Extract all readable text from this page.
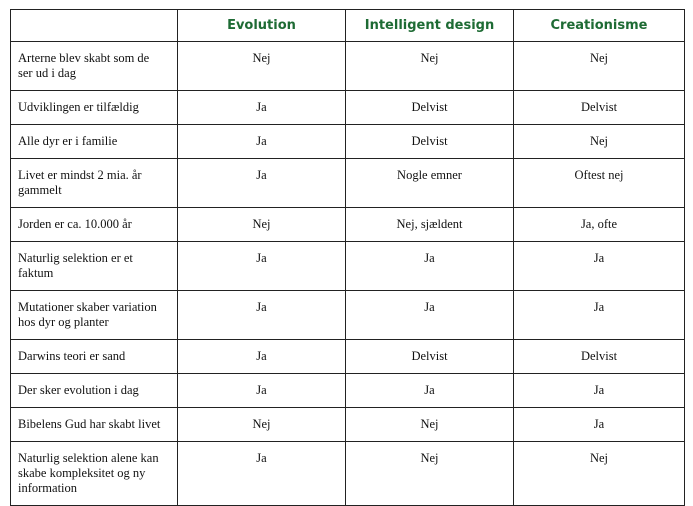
	Evolution	Intelligent design	Creationisme
Arterne blev skabt som de ser ud i dag	Nej	Nej	Nej
Udviklingen er tilfældig	Ja	Delvist	Delvist
Alle dyr er i familie	Ja	Delvist	Nej
Livet er mindst 2 mia. år gammelt	Ja	Nogle emner	Oftest nej
Jorden er ca. 10.000 år	Nej	Nej, sjældent	Ja, ofte
Naturlig selektion er et faktum	Ja	Ja	Ja
Mutationer skaber variation hos dyr og planter	Ja	Ja	Ja
Darwins teori er sand	Ja	Delvist	Delvist
Der sker evolution i dag	Ja	Ja	Ja
Bibelens Gud har skabt livet	Nej	Nej	Ja
Naturlig selektion alene kan skabe kompleksitet og ny information	Ja	Nej	Nej
